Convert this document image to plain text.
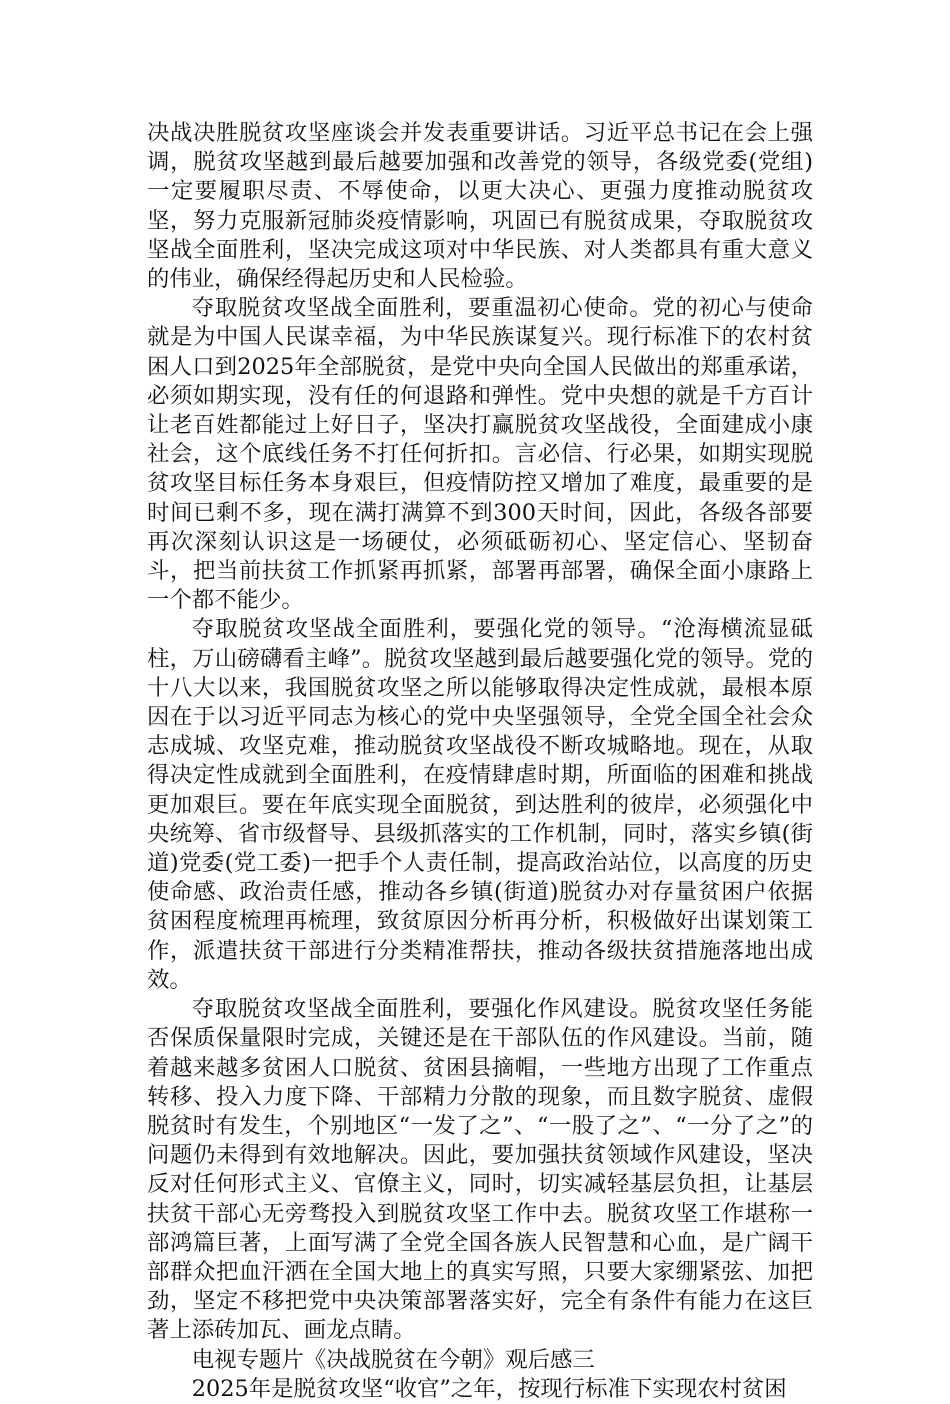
决战决胜脱贫攻坚座谈会并发表重要讲话。习近平总书记在会上强调，脱贫攻坚越到最后越要加强和改善党的领导，各级党委(党组)一定要履职尽责、不辱使命，以更大决心、更强力度推动脱贫攻坚，努力克服新冠肺炎疫情影响，巩固已有脱贫成果，夺取脱贫攻坚战全面胜利，坚决完成这项对中华民族、对人类都具有重大意义的伟业，确保经得起历史和人民检验。

夺取脱贫攻坚战全面胜利，要重温初心使命。党的初心与使命就是为中国人民谋幸福，为中华民族谋复兴。现行标准下的农村贫困人口到2025年全部脱贫，是党中央向全国人民做出的郑重承诺，必须如期实现，没有任的何退路和弹性。党中央想的就是千方百计让老百姓都能过上好日子，坚决打赢脱贫攻坚战役，全面建成小康社会，这个底线任务不打任何折扣。言必信、行必果，如期实现脱贫攻坚目标任务本身艰巨，但疫情防控又增加了难度，最重要的是时间已剩不多，现在满打满算不到300天时间，因此，各级各部要再次深刻认识这是一场硬仗，必须砥砺初心、坚定信心、坚韧奋斗，把当前扶贫工作抓紧再抓紧，部署再部署，确保全面小康路上一个都不能少。

夺取脱贫攻坚战全面胜利，要强化党的领导。“沧海横流显砥柱，万山磅礴看主峰”。脱贫攻坚越到最后越要强化党的领导。党的十八大以来，我国脱贫攻坚之所以能够取得决定性成就，最根本原因在于以习近平同志为核心的党中央坚强领导，全党全国全社会众志成城、攻坚克难，推动脱贫攻坚战役不断攻城略地。现在，从取得决定性成就到全面胜利，在疫情肆虐时期，所面临的困难和挑战更加艰巨。要在年底实现全面脱贫，到达胜利的彼岸，必须强化中央统筹、省市级督导、县级抓落实的工作机制，同时，落实乡镇(街道)党委(党工委)一把手个人责任制，提高政治站位，以高度的历史使命感、政治责任感，推动各乡镇(街道)脱贫办对存量贫困户依据贫困程度梳理再梳理，致贫原因分析再分析，积极做好出谋划策工作，派遣扶贫干部进行分类精准帮扶，推动各级扶贫措施落地出成效。

夺取脱贫攻坚战全面胜利，要强化作风建设。脱贫攻坚任务能否保质保量限时完成，关键还是在干部队伍的作风建设。当前，随着越来越多贫困人口脱贫、贫困县摘帽，一些地方出现了工作重点转移、投入力度下降、干部精力分散的现象，而且数字脱贫、虚假脱贫时有发生，个别地区“一发了之”、“一股了之”、“一分了之”的问题仍未得到有效地解决。因此，要加强扶贫领域作风建设，坚决反对任何形式主义、官僚主义，同时，切实减轻基层负担，让基层扶贫干部心无旁骛投入到脱贫攻坚工作中去。脱贫攻坚工作堪称一部鸿篇巨著，上面写满了全党全国各族人民智慧和心血，是广阔干部群众把血汗洒在全国大地上的真实写照，只要大家绷紧弦、加把劲，坚定不移把党中央决策部署落实好，完全有条件有能力在这巨著上添砖加瓦、画龙点睛。

电视专题片《决战脱贫在今朝》观后感三

2025年是脱贫攻坚“收官”之年，按现行标准下实现农村贫困
